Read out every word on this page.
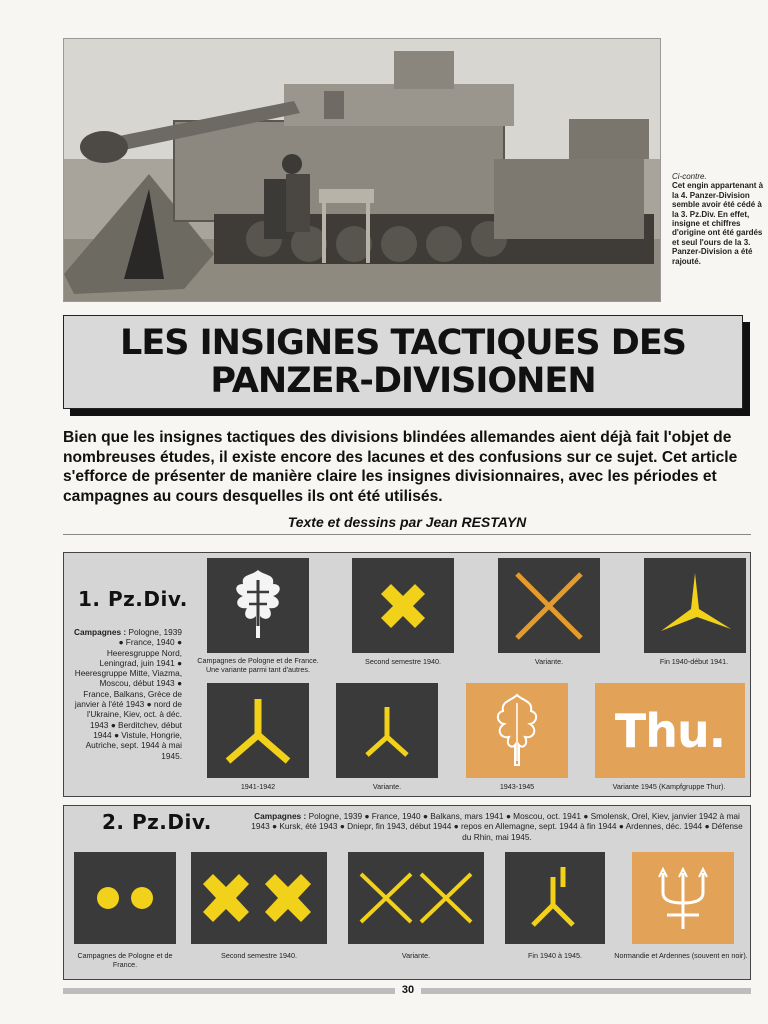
Ci-contre.
Cet engin appartenant à la 4. Panzer-Division semble avoir été cédé à la 3. Pz.Div. En effet, insigne et chiffres d'origine ont été gardés et seul l'ours de la 3. Panzer-Division a été rajouté.
LES INSIGNES TACTIQUES DES
PANZER-DIVISIONEN
Bien que les insignes tactiques des divisions blindées allemandes aient déjà fait l'objet de nombreuses études, il existe encore des lacunes et des confusions sur ce sujet. Cet article s'efforce de présenter de manière claire les insignes divisionnaires, avec les périodes et campagnes au cours desquelles ils ont été utilisés.
Texte et dessins par Jean RESTAYN
1. Pz.Div.
Campagnes : Pologne, 1939 ● France, 1940 ● Heeresgruppe Nord, Leningrad, juin 1941 ● Heeresgruppe Mitte, Viazma, Moscou, début 1943 ● France, Balkans, Grèce de janvier à l'été 1943 ● nord de l'Ukraine, Kiev, oct. à déc. 1943 ● Berditchev, début 1944 ● Vistule, Hongrie, Autriche, sept. 1944 à mai 1945.
Campagnes de Pologne et de France. Une variante parmi tant d'autres.
Second semestre 1940.	Variante.	Fin 1940-début 1941.
Thu.
1941-1942	Variante.	1943-1945	Variante 1945 (Kampfgruppe Thur).
2. Pz.Div.	Campagnes : Pologne, 1939 ● France, 1940 ● Balkans, mars 1941 ● Moscou, oct. 1941 ● Smolensk, Orel, Kiev, janvier 1942 à mai 1943 ● Kursk, été 1943 ● Dniepr, fin 1943, début 1944 ● repos en Allemagne, sept. 1944 à fin 1944 ● Ardennes, déc. 1944 ● Défense du Rhin, mai 1945.
Campagnes de Pologne et de France.
Second semestre 1940.	Variante.	Fin 1940 à 1945.	Normandie et Ardennes (souvent en noir).
30
